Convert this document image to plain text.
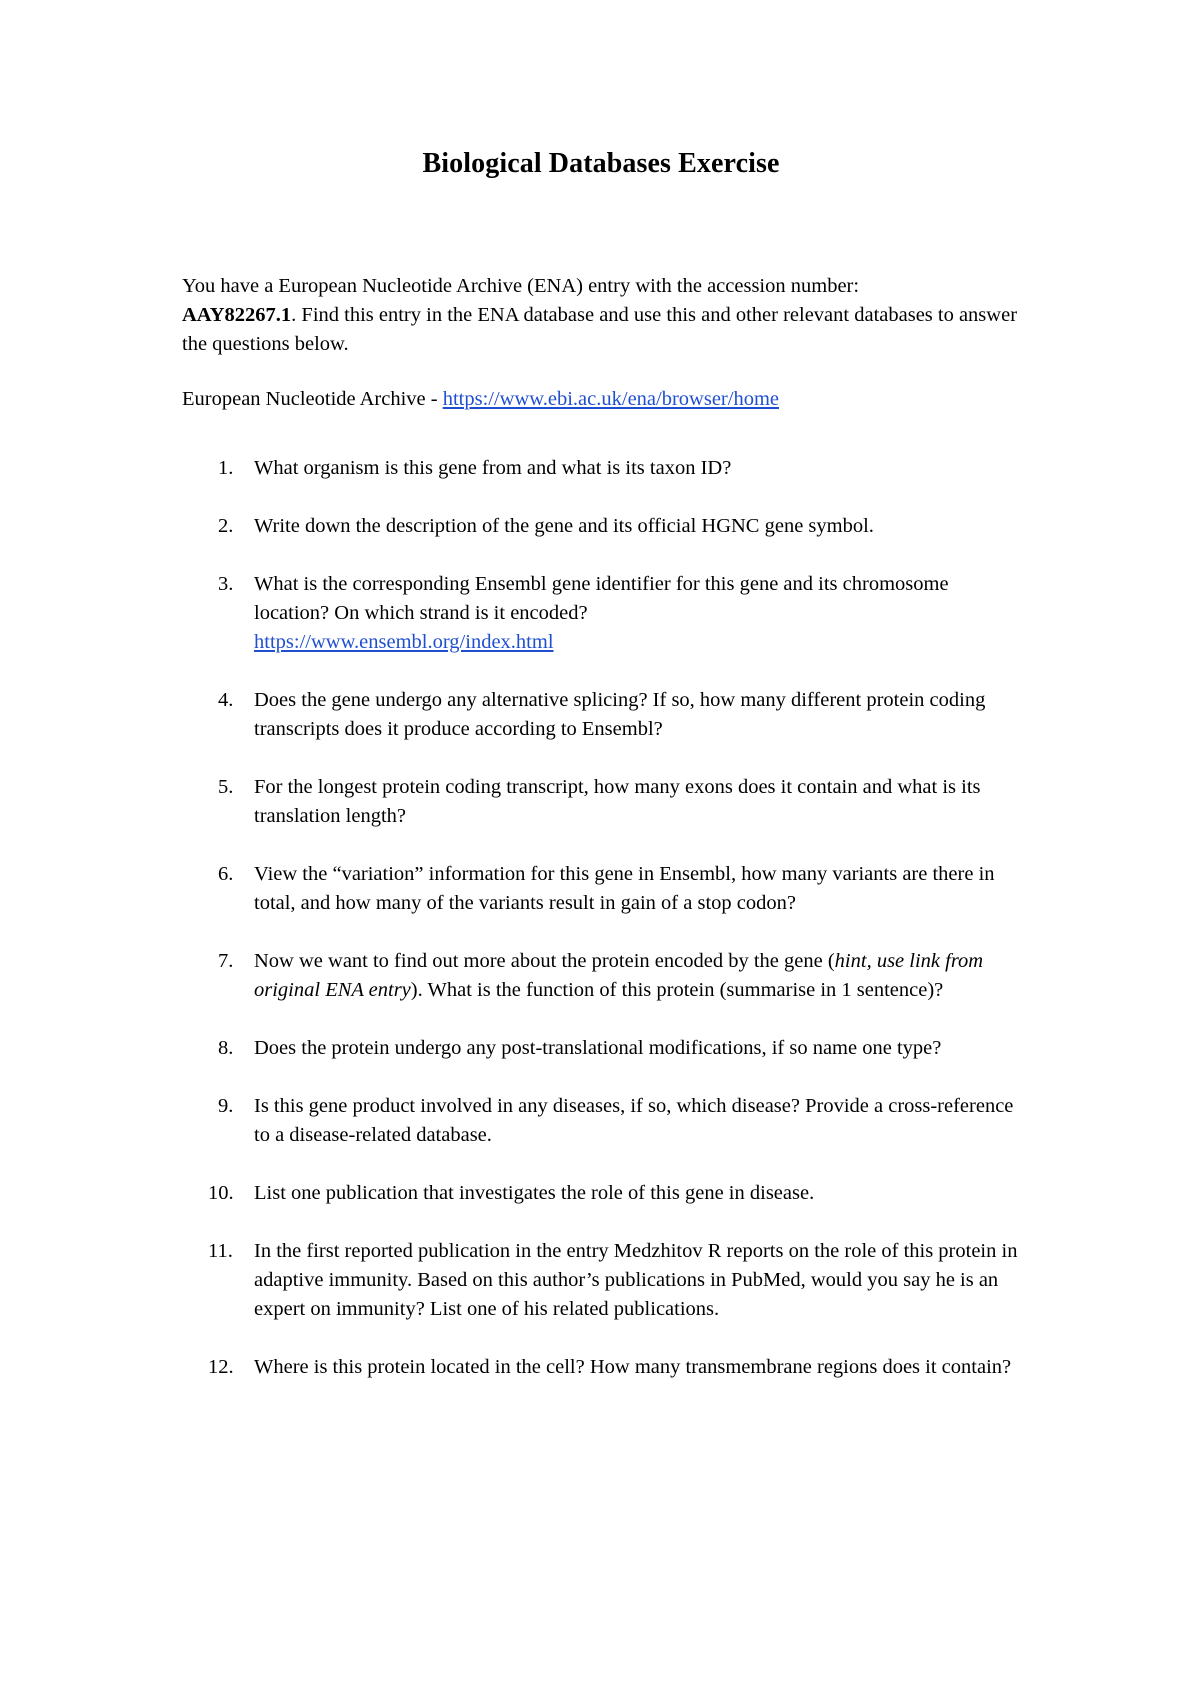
Biological Databases Exercise

You have a European Nucleotide Archive (ENA) entry with the accession number:
AAY82267.1. Find this entry in the ENA database and use this and other relevant databases to answer the questions below.

European Nucleotide Archive - https://www.ebi.ac.uk/ena/browser/home

1. What organism is this gene from and what is its taxon ID?
2. Write down the description of the gene and its official HGNC gene symbol.
3. What is the corresponding Ensembl gene identifier for this gene and its chromosome location? On which strand is it encoded?
https://www.ensembl.org/index.html
4. Does the gene undergo any alternative splicing? If so, how many different protein coding transcripts does it produce according to Ensembl?
5. For the longest protein coding transcript, how many exons does it contain and what is its translation length?
6. View the “variation” information for this gene in Ensembl, how many variants are there in total, and how many of the variants result in gain of a stop codon?
7. Now we want to find out more about the protein encoded by the gene (hint, use link from original ENA entry). What is the function of this protein (summarise in 1 sentence)?
8. Does the protein undergo any post-translational modifications, if so name one type?
9. Is this gene product involved in any diseases, if so, which disease? Provide a cross-reference to a disease-related database.
10. List one publication that investigates the role of this gene in disease.
11. In the first reported publication in the entry Medzhitov R reports on the role of this protein in adaptive immunity. Based on this author’s publications in PubMed, would you say he is an expert on immunity? List one of his related publications.
12. Where is this protein located in the cell? How many transmembrane regions does it contain?
